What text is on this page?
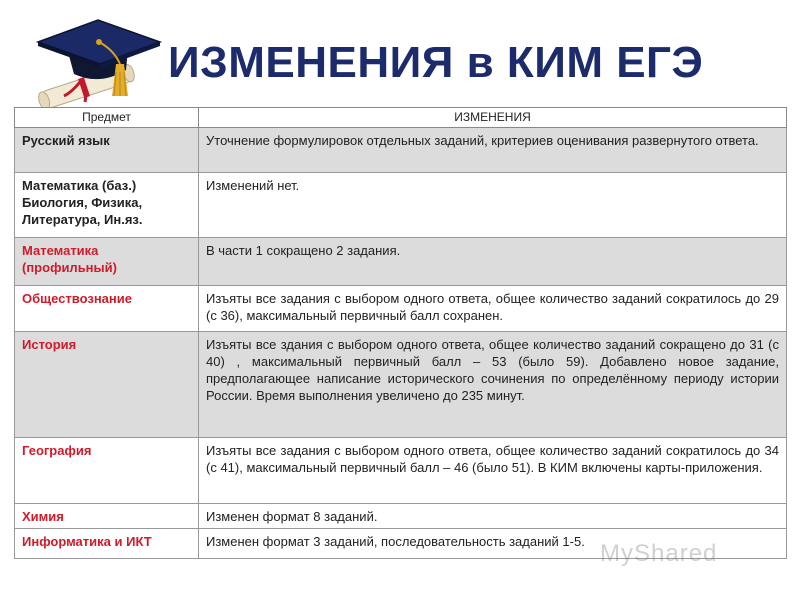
ИЗМЕНЕНИЯ в КИМ ЕГЭ
Предмет	ИЗМЕНЕНИЯ
Русский язык	Уточнение формулировок отдельных заданий, критериев оценивания развернутого ответа.
Математика (баз.) Биология, Физика, Литература, Ин.яз.	Изменений нет.
Математика (профильный)	В части 1 сокращено 2 задания.
Обществознание	Изъяты все задания с выбором одного ответа, общее количество заданий сократилось до 29 (с 36), максимальный первичный балл сохранен.
История	Изъяты все здания с выбором одного ответа, общее количество заданий сокращено до 31 (с 40) , максимальный первичный балл – 53 (было 59). Добавлено новое задание, предполагающее написание исторического сочинения по определённому периоду истории России. Время выполнения увеличено до 235 минут.
География	Изъяты все задания с выбором одного ответа, общее количество заданий сократилось до 34 (с 41), максимальный первичный балл – 46 (было 51). В КИМ включены карты-приложения.
Химия	Изменен формат 8 заданий.
Информатика и ИКТ	Изменен формат 3 заданий, последовательность заданий 1-5. MyShared
